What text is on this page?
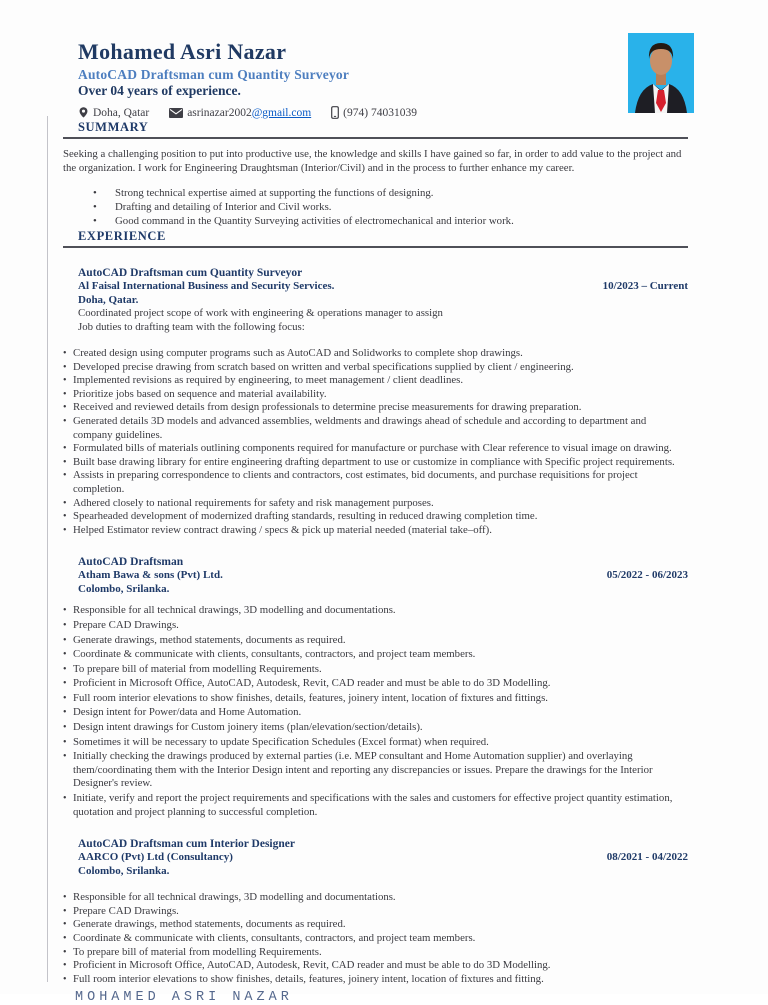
Mohamed Asri Nazar
AutoCAD Draftsman cum Quantity Surveyor
Over 04 years of experience.
Doha, Qatar	asrinazar2002@gmail.com	(974) 74031039
SUMMARY
Seeking a challenging position to put into productive use, the knowledge and skills I have gained so far, in order to add value to the project and the organization. I work for Engineering Draughtsman (Interior/Civil) and in the process to further enhance my career.
• Strong technical expertise aimed at supporting the functions of designing.
• Drafting and detailing of Interior and Civil works.
• Good command in the Quantity Surveying activities of electromechanical and interior work.
EXPERIENCE
AutoCAD Draftsman cum Quantity Surveyor
Al Faisal International Business and Security Services.	10/2023 – Current
Doha, Qatar.
Coordinated project scope of work with engineering & operations manager to assign
Job duties to drafting team with the following focus:
• Created design using computer programs such as AutoCAD and Solidworks to complete shop drawings.
• Developed precise drawing from scratch based on written and verbal specifications supplied by client / engineering.
• Implemented revisions as required by engineering, to meet management / client deadlines.
• Prioritize jobs based on sequence and material availability.
• Received and reviewed details from design professionals to determine precise measurements for drawing preparation.
• Generated details 3D models and advanced assemblies, weldments and drawings ahead of schedule and according to department and company guidelines.
• Formulated bills of materials outlining components required for manufacture or purchase with Clear reference to visual image on drawing.
• Built base drawing library for entire engineering drafting department to use or customize in compliance with Specific project requirements.
• Assists in preparing correspondence to clients and contractors, cost estimates, bid documents, and purchase requisitions for project completion.
• Adhered closely to national requirements for safety and risk management purposes.
• Spearheaded development of modernized drafting standards, resulting in reduced drawing completion time.
• Helped Estimator review contract drawing / specs & pick up material needed (material take–off).
AutoCAD Draftsman
Atham Bawa & sons (Pvt) Ltd.	05/2022 - 06/2023
Colombo, Srilanka.
• Responsible for all technical drawings, 3D modelling and documentations.
• Prepare CAD Drawings.
• Generate drawings, method statements, documents as required.
• Coordinate & communicate with clients, consultants, contractors, and project team members.
• To prepare bill of material from modelling Requirements.
• Proficient in Microsoft Office, AutoCAD, Autodesk, Revit, CAD reader and must be able to do 3D Modelling.
• Full room interior elevations to show finishes, details, features, joinery intent, location of fixtures and fittings.
• Design intent for Power/data and Home Automation.
• Design intent drawings for Custom joinery items (plan/elevation/section/details).
• Sometimes it will be necessary to update Specification Schedules (Excel format) when required.
• Initially checking the drawings produced by external parties (i.e. MEP consultant and Home Automation supplier) and overlaying them/coordinating them with the Interior Design intent and reporting any discrepancies or issues. Prepare the drawings for the Interior Designer's review.
• Initiate, verify and report the project requirements and specifications with the sales and customers for effective project quantity estimation, quotation and project planning to successful completion.
AutoCAD Draftsman cum Interior Designer
AARCO (Pvt) Ltd (Consultancy)	08/2021 - 04/2022
Colombo, Srilanka.
• Responsible for all technical drawings, 3D modelling and documentations.
• Prepare CAD Drawings.
• Generate drawings, method statements, documents as required.
• Coordinate & communicate with clients, consultants, contractors, and project team members.
• To prepare bill of material from modelling Requirements.
• Proficient in Microsoft Office, AutoCAD, Autodesk, Revit, CAD reader and must be able to do 3D Modelling.
• Full room interior elevations to show finishes, details, features, joinery intent, location of fixtures and fitting.
MOHAMED ASRI NAZAR
